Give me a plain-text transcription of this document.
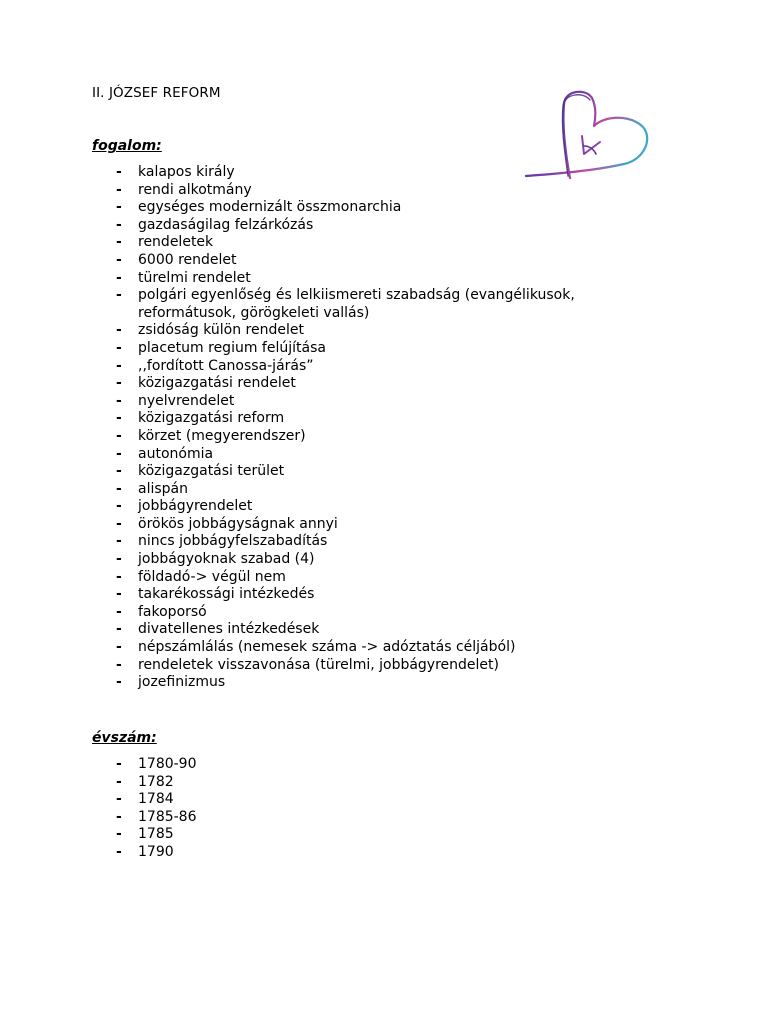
II. JÓZSEF REFORM
fogalom:
- kalapos király
- rendi alkotmány
- egységes modernizált összmonarchia
- gazdaságilag felzárkózás
- rendeletek
- 6000 rendelet
- türelmi rendelet
- polgári egyenlőség és lelkiismereti szabadság (evangélikusok, reformátusok, görögkeleti vallás)
- zsidóság külön rendelet
- placetum regium felújítása
- ,,fordított Canossa-járás”
- közigazgatási rendelet
- nyelvrendelet
- közigazgatási reform
- körzet (megyerendszer)
- autonómia
- közigazgatási terület
- alispán
- jobbágyrendelet
- örökös jobbágyságnak annyi
- nincs jobbágyfelszabadítás
- jobbágyoknak szabad (4)
- földadó-> végül nem
- takarékossági intézkedés
- fakoporsó
- divatellenes intézkedések
- népszámlálás (nemesek száma -> adóztatás céljából)
- rendeletek visszavonása (türelmi, jobbágyrendelet)
- jozefinizmus
évszám:
- 1780-90
- 1782
- 1784
- 1785-86
- 1785
- 1790
